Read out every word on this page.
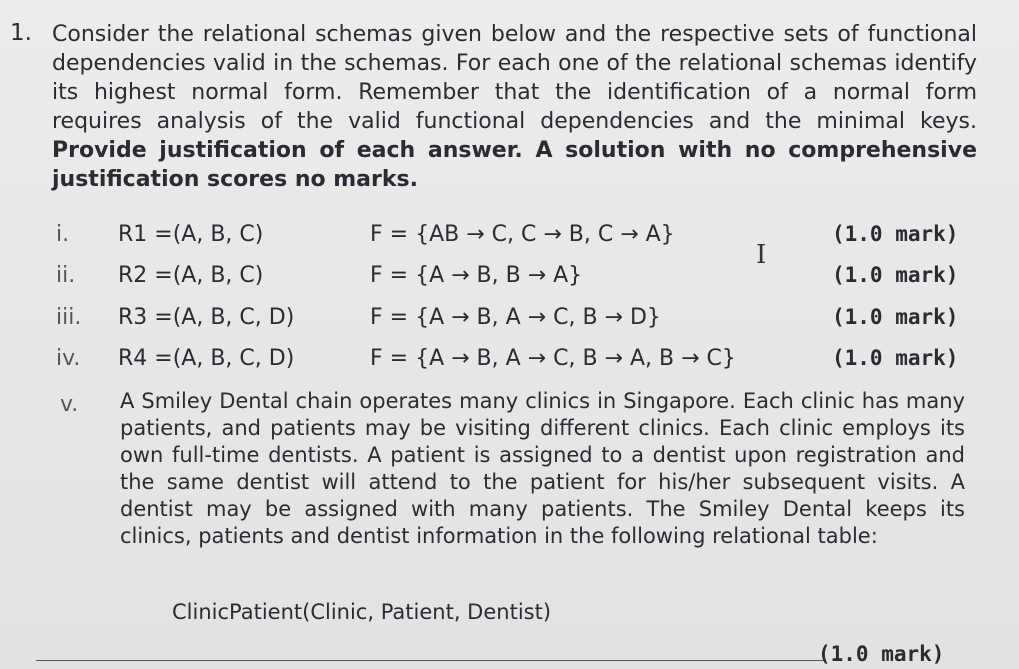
1. Consider the relational schemas given below and the respective sets of functional dependencies valid in the schemas. For each one of the relational schemas identify its highest normal form. Remember that the identification of a normal form requires analysis of the valid functional dependencies and the minimal keys. Provide justification of each answer. A solution with no comprehensive justification scores no marks.
i. R1 =(A, B, C)	F = {AB → C, C → B, C → A}	(1.0 mark)
ii. R2 =(A, B, C)	F = {A → B, B → A}	(1.0 mark)
iii. R3 =(A, B, C, D)	F = {A → B, A → C, B → D}	(1.0 mark)
iv. R4 =(A, B, C, D)	F = {A → B, A → C, B → A, B → C}	(1.0 mark)
I
v. A Smiley Dental chain operates many clinics in Singapore. Each clinic has many patients, and patients may be visiting different clinics. Each clinic employs its own full-time dentists. A patient is assigned to a dentist upon registration and the same dentist will attend to the patient for his/her subsequent visits. A dentist may be assigned with many patients. The Smiley Dental keeps its clinics, patients and dentist information in the following relational table:
ClinicPatient(Clinic, Patient, Dentist)
(1.0 mark)
